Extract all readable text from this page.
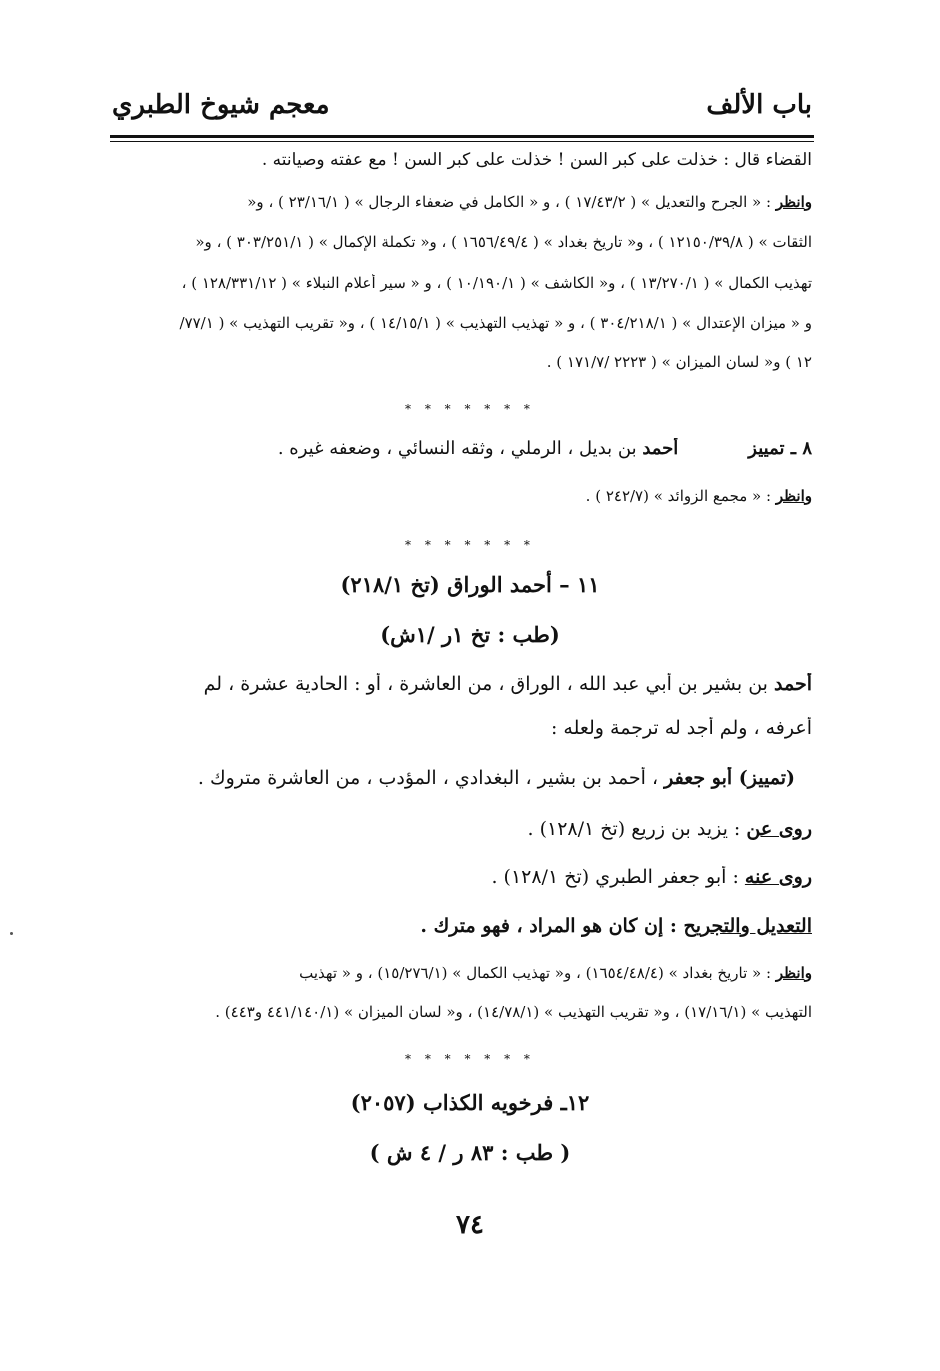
باب الألف
معجم شيوخ الطبري
القضاء قال : خذلت على كبر السن ! خذلت على كبر السن ! مع عفته وصيانته .
وانظر : « الجرح والتعديل » ( ١٧/٤٣/٢ ) ، و « الكامل في ضعفاء الرجال » ( ٢٣/١٦/١ ) ، و«
الثقات » ( ١٢١٥٠/٣٩/٨ ) ، و« تاريخ بغداد » ( ١٦٥٦/٤٩/٤ ) ، و« تكملة الإكمال » ( ٣٠٣/٢٥١/١ ) ، و«
تهذيب الكمال » ( ١٣/٢٧٠/١ ) ، و« الكاشف » ( ١٠/١٩٠/١ ) ، و « سير أعلام النبلاء » ( ١٢٨/٣٣١/١٢ ) ،
و « ميزان الإعتدال » ( ٣٠٤/٢١٨/١ ) ، و « تهذيب التهذيب » ( ١٤/١٥/١ ) ، و« تقريب التهذيب » ( ٧٧/١/
١٢ ) و« لسان الميزان » ( ٢٢٢٣ /١٧١/٧ ) .
* * * * * * *
٨ ـ تمييزأحمد بن بديل ، الرملي ، وثقه النسائي ، وضعفه غيره .
وانظر : « مجمع الزوائد » (٢٤٢/٧ ) .
* * * * * * *
١١ – أحمد الوراق (تخ ٢١٨/١)
(طب : تخ ١ر /١ش)
أحمد بن بشير بن أبي عبد الله ، الوراق ، من العاشرة ، أو : الحادية عشرة ، لم
أعرفه ، ولم أجد له ترجمة ولعله :
(تمييز) أبو جعفر ، أحمد بن بشير ، البغدادي ، المؤدب ، من العاشرة متروك .
روى عن : يزيد بن زريع (تخ ١٢٨/١) .
روى عنه : أبو جعفر الطبري (تخ ١٢٨/١) .
التعديل والتجريح : إن كان هو المراد ، فهو مترك .
وانظر : « تاريخ بغداد » (١٦٥٤/٤٨/٤) ، و« تهذيب الكمال » (١٥/٢٧٦/١) ، و « تهذيب
التهذيب » (١٧/١٦/١) ، و« تقريب التهذيب » (١٤/٧٨/١) ، و« لسان الميزان » (٤٤١/١٤٠/١ و٤٤٣) .
* * * * * * *
١٢ـ فرخويه الكذاب (٢٠٥٧)
( طب : ٨٣ ر / ٤ ش )
٧٤
